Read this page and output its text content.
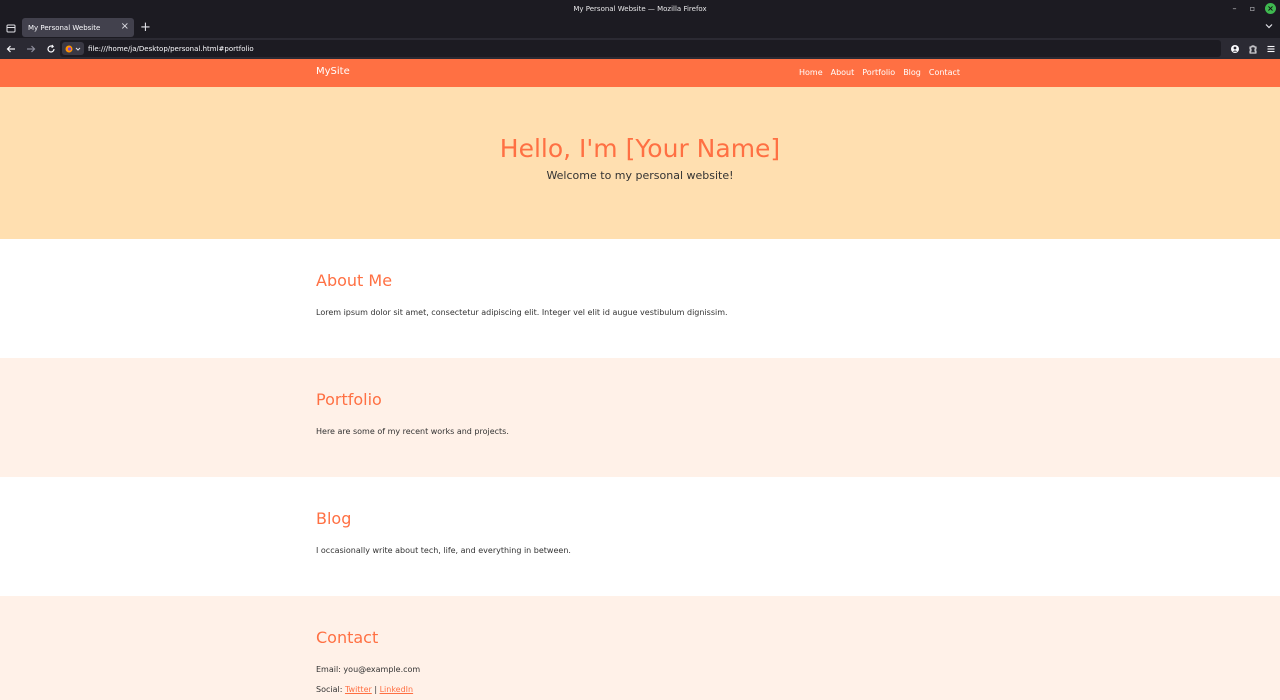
My Personal Website — Mozilla Firefox	–	▫	×
My Personal Website × +
file:///home/ja/Desktop/personal.html#portfolio
MySite	Home About Portfolio Blog Contact
Hello, I'm [Your Name]

Welcome to my personal website!

About Me

Lorem ipsum dolor sit amet, consectetur adipiscing elit. Integer vel elit id augue vestibulum dignissim.

Portfolio

Here are some of my recent works and projects.

Blog

I occasionally write about tech, life, and everything in between.

Contact

Email: you@example.com

Social: Twitter | LinkedIn
